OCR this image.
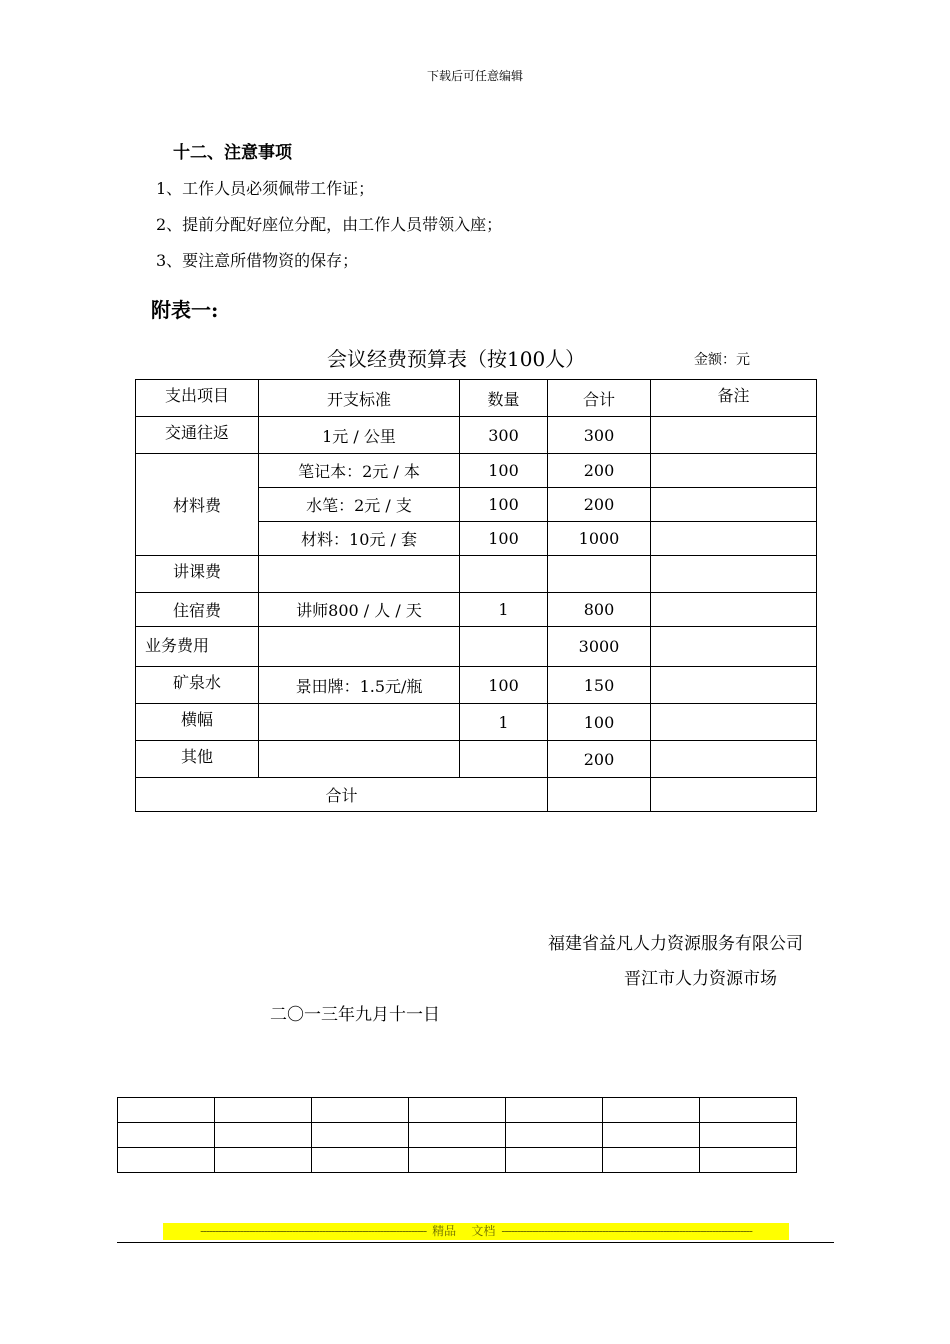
下载后可任意编辑
十二、注意事项
1、工作人员必须佩带工作证；
2、提前分配好座位分配，由工作人员带领入座；
3、要注意所借物资的保存；
附表一:
会议经费预算表（按100人）	金额：元
支出项目	开支标准	数量	合计	备注
交通往返	1元 / 公里	300	300	
材料费	笔记本：2元 / 本	100	200	
	水笔：2元 / 支	100	200	
	材料：10元 / 套	100	1000	
讲课费				
住宿费	讲师800 / 人 / 天	1	800	
业务费用			3000	
矿泉水	景田牌：1.5元/瓶	100	150	
横幅		1	100	
其他			200	
合计				
福建省益凡人力资源服务有限公司
晋江市人力资源市场
二〇一三年九月十一日

-------------------------------------------------------------------------- 精品 文档 ----------------------------------------------------------------------------------
